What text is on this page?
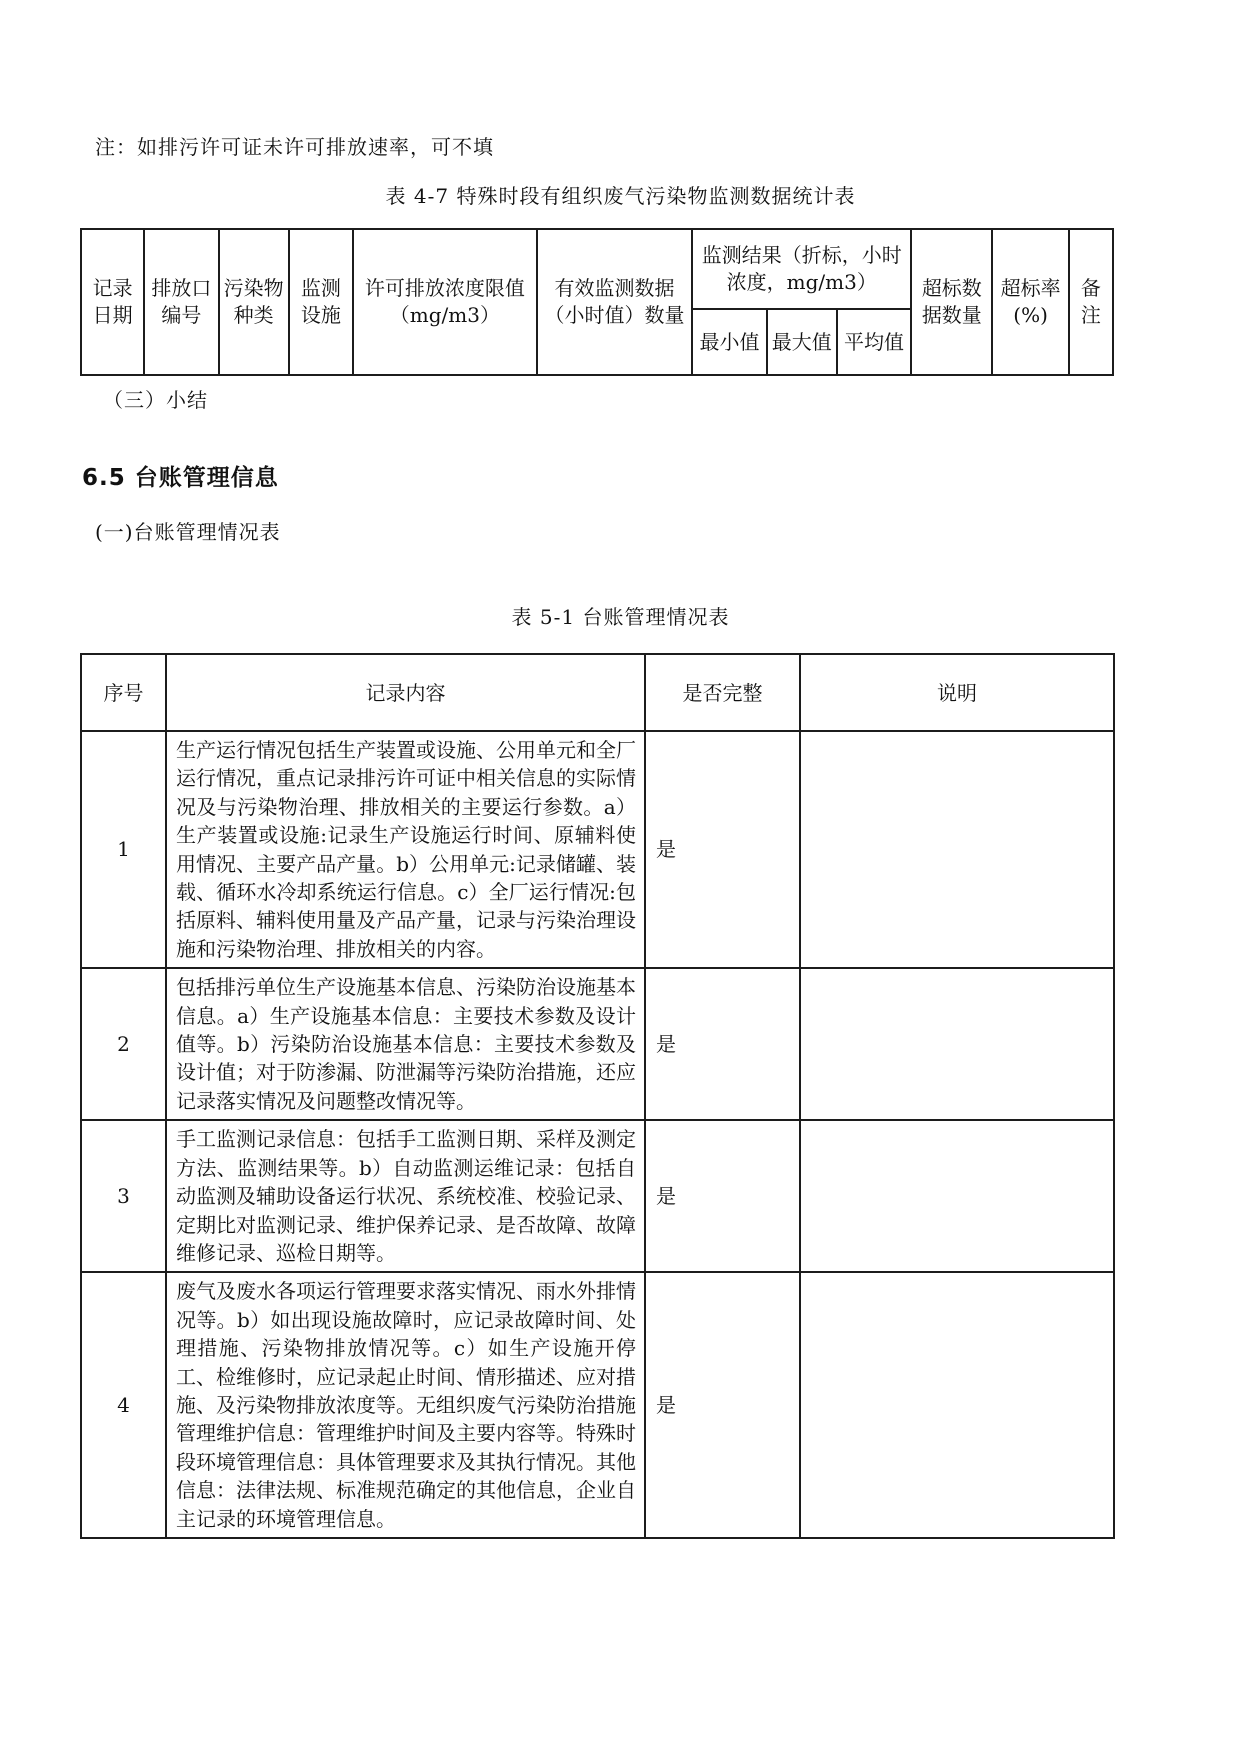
注：如排污许可证未许可排放速率，可不填
表 4-7 特殊时段有组织废气污染物监测数据统计表
记录日期	排放口编号	污染物种类	监测设施	许可排放浓度限值（mg/m3）	有效监测数据（小时值）数量	监测结果（折标，小时浓度，mg/m3）			超标数据数量	超标率(%)	备注
						最小值	最大值	平均值			
（三）小结
6.5 台账管理信息
(一)台账管理情况表
表 5-1 台账管理情况表
序号	记录内容	是否完整	说明
1	生产运行情况包括生产装置或设施、公用单元和全厂运行情况，重点记录排污许可证中相关信息的实际情况及与污染物治理、排放相关的主要运行参数。a）生产装置或设施:记录生产设施运行时间、原辅料使用情况、主要产品产量。b）公用单元:记录储罐、装载、循环水冷却系统运行信息。c）全厂运行情况:包括原料、辅料使用量及产品产量，记录与污染治理设施和污染物治理、排放相关的内容。	是	
2	包括排污单位生产设施基本信息、污染防治设施基本信息。a）生产设施基本信息：主要技术参数及设计值等。b）污染防治设施基本信息：主要技术参数及设计值；对于防渗漏、防泄漏等污染防治措施，还应记录落实情况及问题整改情况等。	是	
3	手工监测记录信息：包括手工监测日期、采样及测定方法、监测结果等。b）自动监测运维记录：包括自动监测及辅助设备运行状况、系统校准、校验记录、定期比对监测记录、维护保养记录、是否故障、故障维修记录、巡检日期等。	是	
4	废气及废水各项运行管理要求落实情况、雨水外排情况等。b）如出现设施故障时，应记录故障时间、处理措施、污染物排放情况等。c）如生产设施开停工、检维修时，应记录起止时间、情形描述、应对措施、及污染物排放浓度等。无组织废气污染防治措施管理维护信息：管理维护时间及主要内容等。特殊时段环境管理信息：具体管理要求及其执行情况。其他信息：法律法规、标准规范确定的其他信息，企业自主记录的环境管理信息。	是	
